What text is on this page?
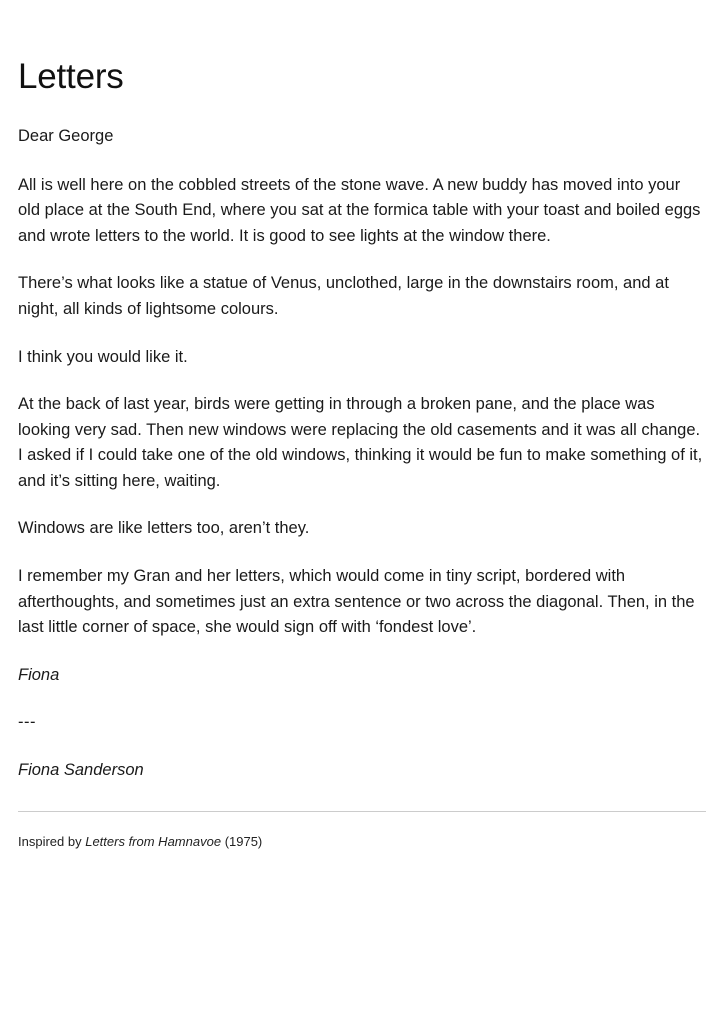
Letters

Dear George

All is well here on the cobbled streets of the stone wave. A new buddy has moved into your old place at the South End, where you sat at the formica table with your toast and boiled eggs and wrote letters to the world. It is good to see lights at the window there.

There’s what looks like a statue of Venus, unclothed, large in the downstairs room, and at night, all kinds of lightsome colours.

I think you would like it.

At the back of last year, birds were getting in through a broken pane, and the place was looking very sad. Then new windows were replacing the old casements and it was all change. I asked if I could take one of the old windows, thinking it would be fun to make something of it, and it’s sitting here, waiting.

Windows are like letters too, aren’t they.

I remember my Gran and her letters, which would come in tiny script, bordered with afterthoughts, and sometimes just an extra sentence or two across the diagonal. Then, in the last little corner of space, she would sign off with ‘fondest love’.

Fiona

---

Fiona Sanderson

Inspired by Letters from Hamnavoe (1975)
